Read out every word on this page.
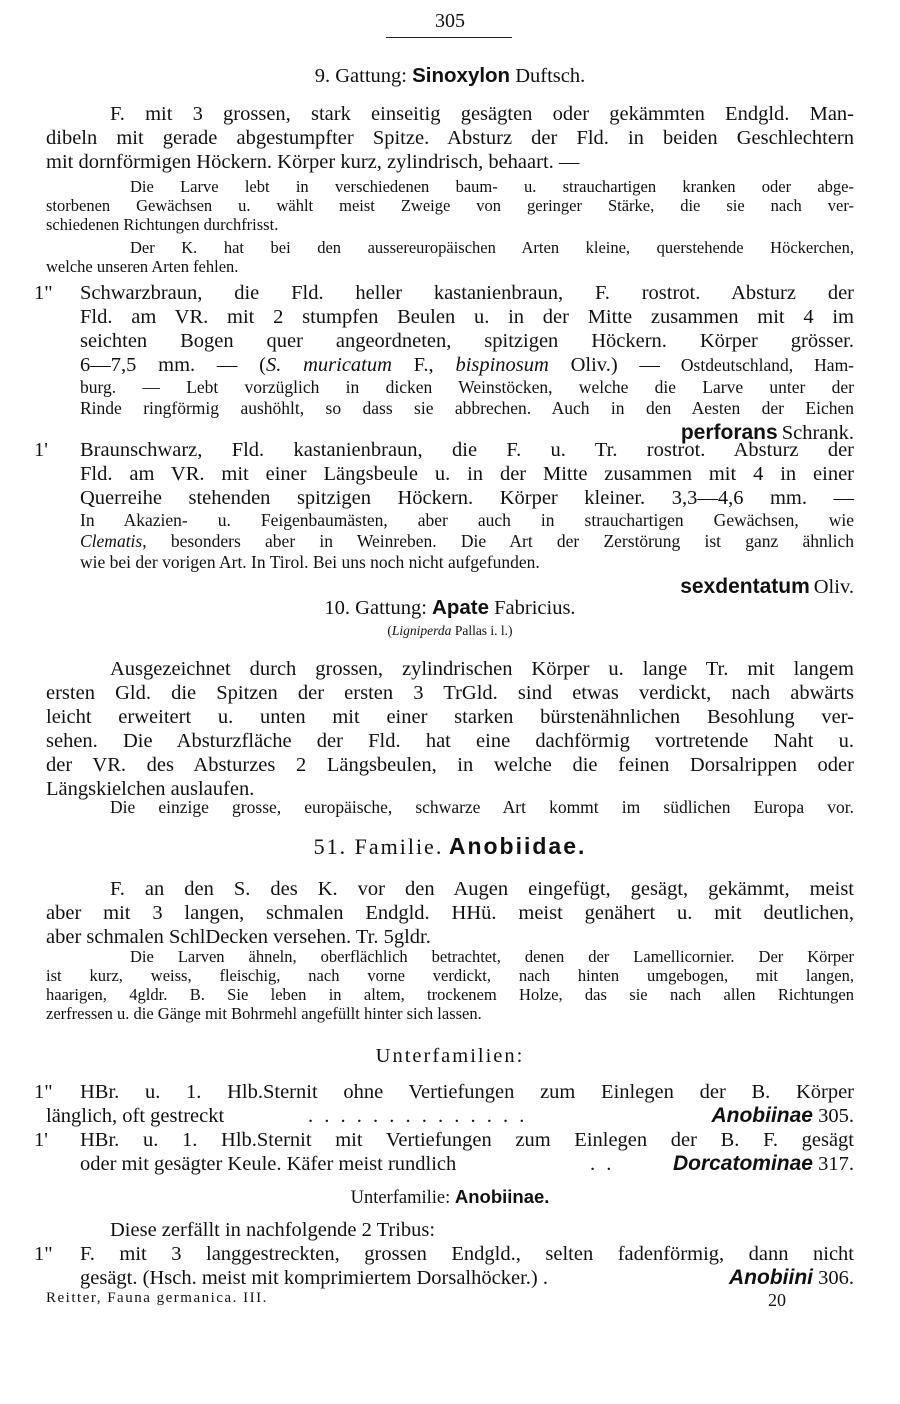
305
9. Gattung: Sinoxylon Duftsch.
F. mit 3 grossen, stark einseitig gesägten oder gekämmten Endgld. Man-
dibeln mit gerade abgestumpfter Spitze. Absturz der Fld. in beiden Geschlechtern
mit dornförmigen Höckern. Körper kurz, zylindrisch, behaart. —
Die Larve lebt in verschiedenen baum- u. strauchartigen kranken oder abge-
storbenen Gewächsen u. wählt meist Zweige von geringer Stärke, die sie nach ver-
schiedenen Richtungen durchfrisst.
Der K. hat bei den aussereuropäischen Arten kleine, querstehende Höckerchen,
welche unseren Arten fehlen.
1" Schwarzbraun, die Fld. heller kastanienbraun, F. rostrot. Absturz der
Fld. am VR. mit 2 stumpfen Beulen u. in der Mitte zusammen mit 4 im
seichten Bogen quer angeordneten, spitzigen Höckern. Körper grösser.
6—7,5 mm. — (S. muricatum F., bispinosum Oliv.) — Ostdeutschland, Ham-
burg. — Lebt vorzüglich in dicken Weinstöcken, welche die Larve unter der
Rinde ringförmig aushöhlt, so dass sie abbrechen. Auch in den Aesten der Eichen
perforans Schrank.
1' Braunschwarz, Fld. kastanienbraun, die F. u. Tr. rostrot. Absturz der
Fld. am VR. mit einer Längsbeule u. in der Mitte zusammen mit 4 in einer
Querreihe stehenden spitzigen Höckern. Körper kleiner. 3,3—4,6 mm. —
In Akazien- u. Feigenbaumästen, aber auch in strauchartigen Gewächsen, wie
Clematis, besonders aber in Weinreben. Die Art der Zerstörung ist ganz ähnlich
wie bei der vorigen Art. In Tirol. Bei uns noch nicht aufgefunden.
sexdentatum Oliv.
10. Gattung: Apate Fabricius.
(Ligniperda Pallas i. l.)
Ausgezeichnet durch grossen, zylindrischen Körper u. lange Tr. mit langem
ersten Gld. die Spitzen der ersten 3 TrGld. sind etwas verdickt, nach abwärts
leicht erweitert u. unten mit einer starken bürstenähnlichen Besohlung ver-
sehen. Die Absturzfläche der Fld. hat eine dachförmig vortretende Naht u.
der VR. des Absturzes 2 Längsbeulen, in welche die feinen Dorsalrippen oder
Längskielchen auslaufen.
Die einzige grosse, europäische, schwarze Art kommt im südlichen Europa vor.
51. Familie. Anobiidae.
F. an den S. des K. vor den Augen eingefügt, gesägt, gekämmt, meist
aber mit 3 langen, schmalen Endgld. HHü. meist genähert u. mit deutlichen,
aber schmalen SchlDecken versehen. Tr. 5gldr.
Die Larven ähneln, oberflächlich betrachtet, denen der Lamellicornier. Der Körper
ist kurz, weiss, fleischig, nach vorne verdickt, nach hinten umgebogen, mit langen,
haarigen, 4gldr. B. Sie leben in altem, trockenem Holze, das sie nach allen Richtungen
zerfressen u. die Gänge mit Bohrmehl angefüllt hinter sich lassen.
Unterfamilien:
1" HBr. u. 1. Hlb.Sternit ohne Vertiefungen zum Einlegen der B. Körper
länglich, oft gestreckt	. . . . . . . . . . . . . .	Anobiinae 305.
1' HBr. u. 1. Hlb.Sternit mit Vertiefungen zum Einlegen der B. F. gesägt
oder mit gesägter Keule. Käfer meist rundlich	. .	Dorcatominae 317.
Unterfamilie: Anobiinae.
Diese zerfällt in nachfolgende 2 Tribus:
1" F. mit 3 langgestreckten, grossen Endgld., selten fadenförmig, dann nicht
gesägt. (Hsch. meist mit komprimiertem Dorsalhöcker.) .	Anobiini 306.
Reitter, Fauna germanica. III.	20
